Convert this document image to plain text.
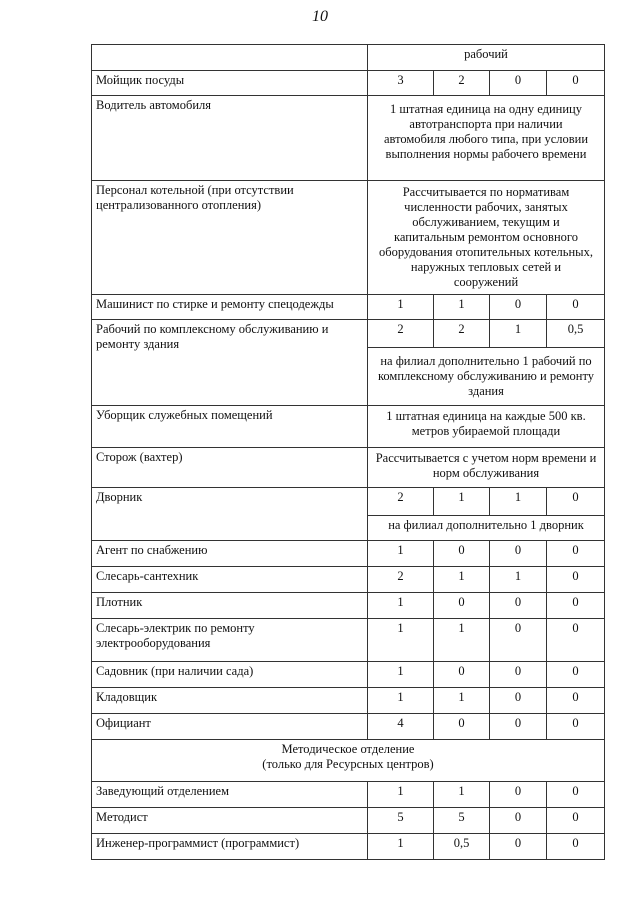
10
	рабочий			
Мойщик посуды	3	2	0	0
Водитель автомобиля	1 штатная единица на одну единицу автотранспорта при наличии автомобиля любого типа, при условии выполнения нормы рабочего времени			

Персонал котельной (при отсутствии
централизованного отопления)	Рассчитывается по нормативам численности рабочих, занятых обслуживанием, текущим и капитальным ремонтом основного оборудования отопительных котельных, наружных тепловых сетей и сооружений			
Машинист по стирке и ремонту спецодежды	1	1	0	0

Рабочий по комплексному обслуживанию и
ремонту здания	2	2	1	0,5
	на филиал дополнительно 1 рабочий по комплексному обслуживанию и ремонту здания			
Уборщик служебных помещений	1 штатная единица на каждые 500 кв. метров убираемой площади			
Сторож (вахтер)	Рассчитывается с учетом норм времени и норм обслуживания			
Дворник	2	1	1	0
	на филиал дополнительно 1 дворник			
Агент по снабжению	1	0	0	0
Слесарь-сантехник	2	1	1	0
Плотник	1	0	0	0

Слесарь-электрик по ремонту
электрооборудования	1	1	0	0
Садовник (при наличии сада)	1	0	0	0
Кладовщик	1	1	0	0
Официант	4	0	0	0

Методическое отделение
(только для Ресурсных центров)				

Заведующий отделением	1	1	0	0
Методист	5	5	0	0
Инженер-программист (программист)	1	0,5	0	0
